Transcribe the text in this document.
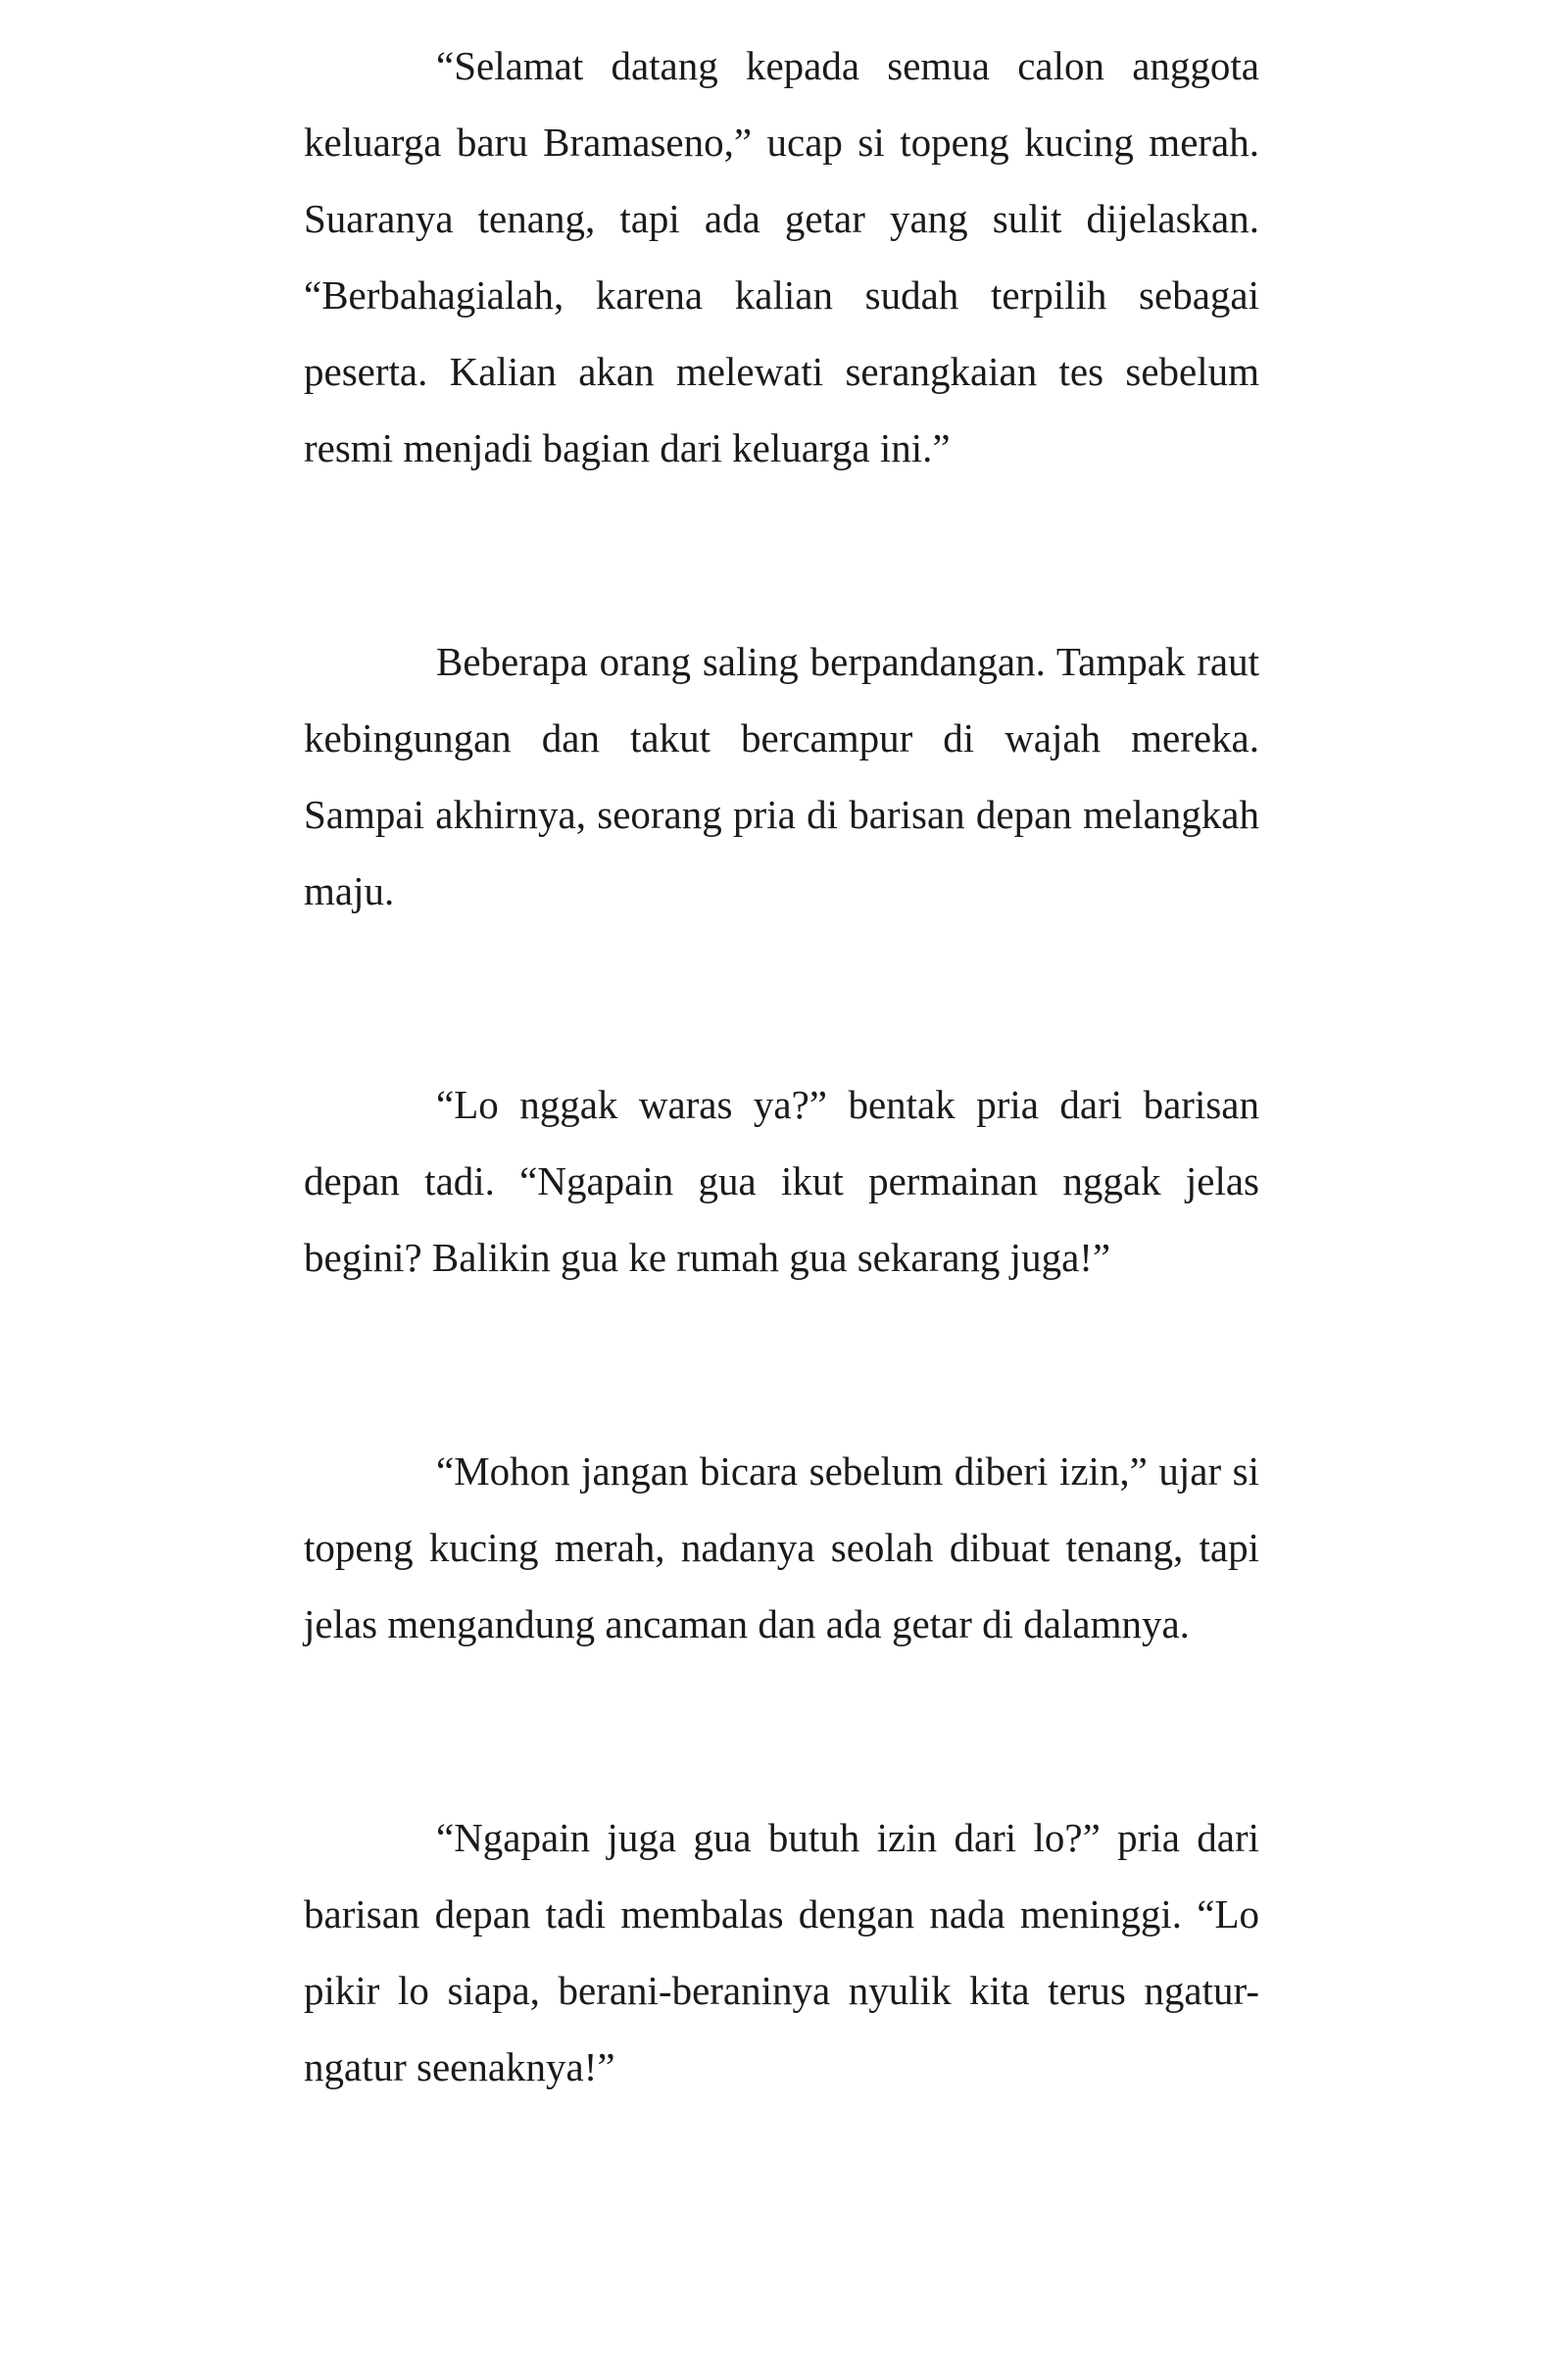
“Selamat datang kepada semua calon anggota keluarga baru Bramaseno,” ucap si topeng kucing merah. Suaranya tenang, tapi ada getar yang sulit dijelaskan. “Berbahagialah, karena kalian sudah terpilih sebagai peserta. Kalian akan melewati serangkaian tes sebelum resmi menjadi bagian dari keluarga ini.”

Beberapa orang saling berpandangan. Tampak raut kebingungan dan takut bercampur di wajah mereka. Sampai akhirnya, seorang pria di barisan depan melangkah maju.

“Lo nggak waras ya?” bentak pria dari barisan depan tadi. “Ngapain gua ikut permainan nggak jelas begini? Balikin gua ke rumah gua sekarang juga!”

“Mohon jangan bicara sebelum diberi izin,” ujar si topeng kucing merah, nadanya seolah dibuat tenang, tapi jelas mengandung ancaman dan ada getar di dalamnya.

“Ngapain juga gua butuh izin dari lo?” pria dari barisan depan tadi membalas dengan nada meninggi. “Lo pikir lo siapa, berani-beraninya nyulik kita terus ngatur-ngatur seenaknya!”
